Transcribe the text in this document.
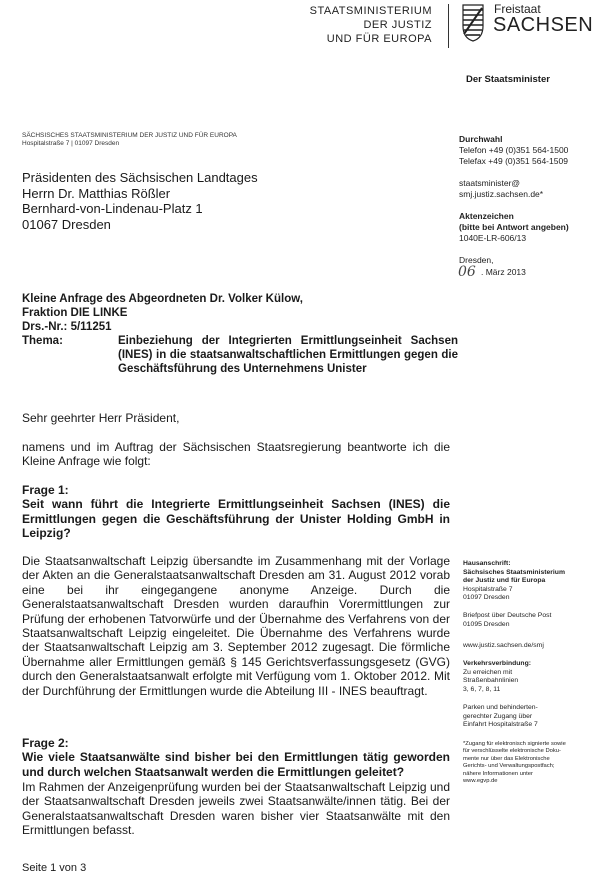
STAATSMINISTERIUM
DER JUSTIZ
UND FÜR EUROPA
Freistaat
SACHSEN
Der Staatsminister
SÄCHSISCHES STAATSMINISTERIUM DER JUSTIZ UND FÜR EUROPA
Hospitalstraße 7 | 01097 Dresden
Präsidenten des Sächsischen Landtages
Herrn Dr. Matthias Rößler
Bernhard-von-Lindenau-Platz 1
01067 Dresden
Durchwahl
Telefon +49 (0)351 564-1500
Telefax +49 (0)351 564-1509
staatsminister@
smj.justiz.sachsen.de*
Aktenzeichen
(bitte bei Antwort angeben)
1040E-LR-606/13
Dresden,
06 . März 2013
Kleine Anfrage des Abgeordneten Dr. Volker Külow,
Fraktion DIE LINKE
Drs.-Nr.:
5/11251
Thema:	Einbeziehung der Integrierten Ermittlungseinheit Sachsen (INES) in die staatsanwaltschaftlichen Ermittlungen gegen die Geschäftsführung des Unternehmens Unister
Sehr geehrter Herr Präsident,
namens und im Auftrag der Sächsischen Staatsregierung beantworte ich die Kleine Anfrage wie folgt:
Frage 1:
Seit wann führt die Integrierte Ermittlungseinheit Sachsen (INES) die Ermittlungen gegen die Geschäftsführung der Unister Holding GmbH in Leipzig?
Die Staatsanwaltschaft Leipzig übersandte im Zusammenhang mit der Vorlage der Akten an die Generalstaatsanwaltschaft Dresden am 31. August 2012 vorab eine bei ihr eingegangene anonyme Anzeige. Durch die Generalstaatsanwaltschaft Dresden wurden daraufhin Vorermittlungen zur Prüfung der erhobenen Tatvorwürfe und der Übernahme des Verfahrens von der Staatsanwaltschaft Leipzig eingeleitet. Die Übernahme des Verfahrens wurde der Staatsanwaltschaft Leipzig am 3. September 2012 zugesagt. Die förmliche Übernahme aller Ermittlungen gemäß § 145 Gerichtsverfassungsgesetz (GVG) durch den Generalstaatsanwalt erfolgte mit Verfügung vom 1. Oktober 2012. Mit der Durchführung der Ermittlungen wurde die Abteilung III - INES beauftragt.
Frage 2:
Wie viele Staatsanwälte sind bisher bei den Ermittlungen tätig geworden und durch welchen Staatsanwalt werden die Ermittlungen geleitet?
Im Rahmen der Anzeigenprüfung wurden bei der Staatsanwaltschaft Leipzig und der Staatsanwaltschaft Dresden jeweils zwei Staatsanwälte/innen tätig. Bei der Generalstaatsanwaltschaft Dresden waren bisher vier Staatsanwälte mit den Ermittlungen befasst.
Hausanschrift:
Sächsisches Staatsministerium
der Justiz und für Europa
Hospitalstraße 7
01097 Dresden
Briefpost über Deutsche Post
01095 Dresden
www.justiz.sachsen.de/smj
Verkehrsverbindung:
Zu erreichen mit
Straßenbahnlinien
3, 6, 7, 8, 11
Parken und behinderten-
gerechter Zugang über
Einfahrt Hospitalstraße 7
*Zugang für elektronisch signierte sowie
für verschlüsselte elektronische Doku-
mente nur über das Elektronische
Gerichts- und Verwaltungspostfach;
nähere Informationen unter
www.egvp.de
Seite 1 von 3
